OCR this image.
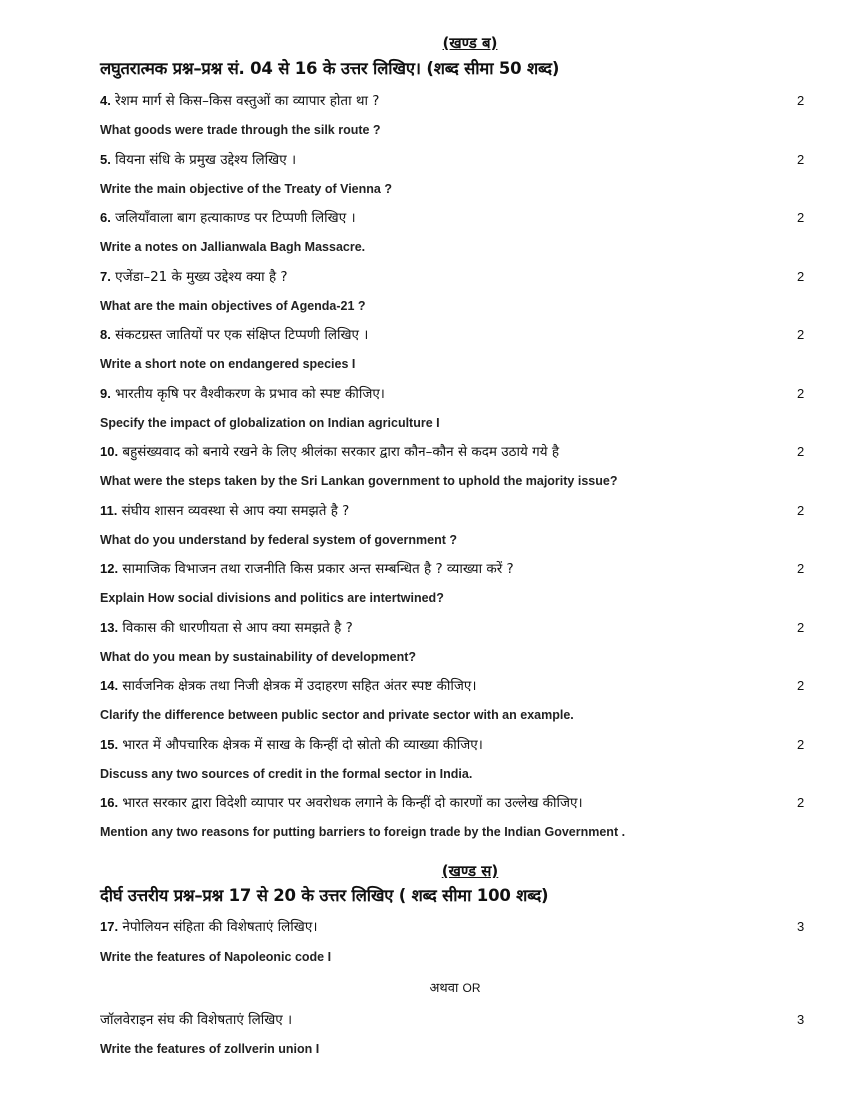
(खण्ड ब)
लघुतरात्मक प्रश्न–प्रश्न सं. 04 से 16 के उत्तर लिखिए। (शब्द सीमा 50 शब्द)
4. रेशम मार्ग से किस–किस वस्तुओं का व्यापार होता था ?	2
What goods were trade through the silk route ?
5. वियना संधि के प्रमुख उद्देश्य लिखिए ।	2
Write the main objective of the Treaty of Vienna ?
6. जलियाँवाला बाग हत्याकाण्ड पर टिप्पणी लिखिए ।	2
Write a notes on Jallianwala Bagh Massacre.
7. एजेंडा–21 के मुख्य उद्देश्य क्या है ?	2
What are the main objectives of Agenda-21 ?
8. संकटग्रस्त जातियों पर एक संक्षिप्त टिप्पणी लिखिए ।	2
Write a short note on endangered species I
9. भारतीय कृषि पर वैश्वीकरण के प्रभाव को स्पष्ट कीजिए।	2
Specify the impact of globalization on Indian agriculture I
10. बहुसंख्यवाद को बनाये रखने के लिए श्रीलंका सरकार द्वारा कौन–कौन से कदम उठाये गये है	2
What were the steps taken by the Sri Lankan government to uphold the majority issue?
11. संघीय शासन व्यवस्था से आप क्या समझते है ?	2
What do you understand by federal system of government ?
12. सामाजिक विभाजन तथा राजनीति किस प्रकार अन्त सम्बन्धित है ? व्याख्या करें ?	2
Explain How social divisions and politics are intertwined?
13. विकास की धारणीयता से आप क्या समझते है ?	2
What do you mean by sustainability of development?
14. सार्वजनिक क्षेत्रक तथा निजी क्षेत्रक में उदाहरण सहित अंतर स्पष्ट कीजिए।	2
Clarify the difference between public sector and private sector with an example.
15. भारत में औपचारिक क्षेत्रक में साख के किन्हीं दो स्रोतो की व्याख्या कीजिए।	2
Discuss any two sources of credit in the formal sector in India.
16. भारत सरकार द्वारा विदेशी व्यापार पर अवरोधक लगाने के किन्हीं दो कारणों का उल्लेख कीजिए।	2
Mention any two reasons for putting barriers to foreign trade by the Indian Government .
(खण्ड स)
दीर्घ उत्तरीय प्रश्न–प्रश्न 17 से 20 के उत्तर लिखिए ( शब्द सीमा 100 शब्द)
17. नेपोलियन संहिता की विशेषताएं लिखिए।	3
Write the features of Napoleonic code I
अथवा OR
जॉलवेराइन संघ की विशेषताएं लिखिए ।	3
Write the features of zollverin union I
